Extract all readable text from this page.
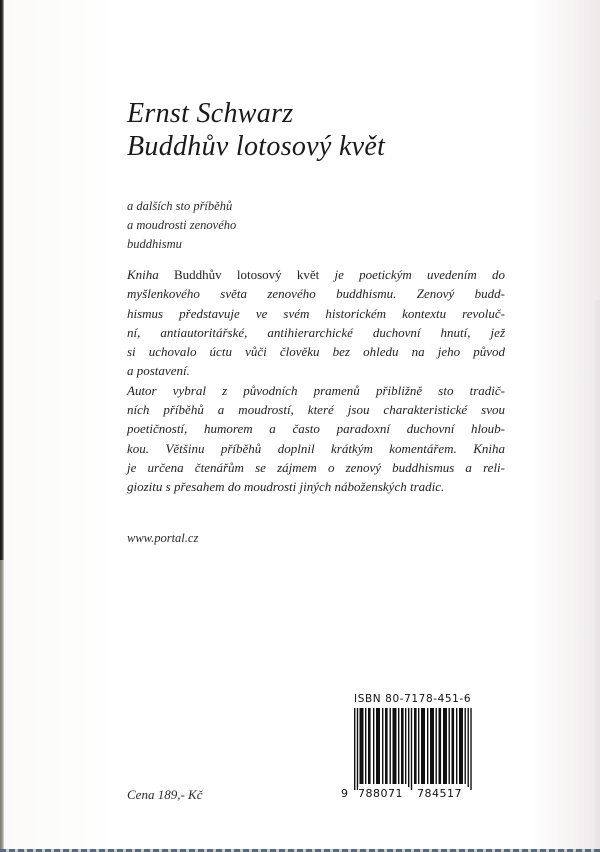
Ernst Schwarz
Buddhův lotosový květ
a dalších sto příběhů
a moudrosti zenového
buddhismu
Kniha Buddhův lotosový květ je poetickým uvedením do
myšlenkového světa zenového buddhismu. Zenový budd-
hismus představuje ve svém historickém kontextu revoluč-
ní, antiautoritářské, antihierarchické duchovní hnutí, jež
si uchovalo úctu vůči člověku bez ohledu na jeho původ
a postavení.
Autor vybral z původních pramenů přibližně sto tradič-
ních příběhů a moudrostí, které jsou charakteristické svou
poetičností, humorem a často paradoxní duchovní hloub-
kou. Většinu příběhů doplnil krátkým komentářem. Kniha
je určena čtenářům se zájmem o zenový buddhismus a reli-
giozitu s přesahem do moudrosti jiných náboženských tradic.
www.portal.cz
Cena 189,- Kč
ISBN 80-7178-451-6
9 788071	784517
